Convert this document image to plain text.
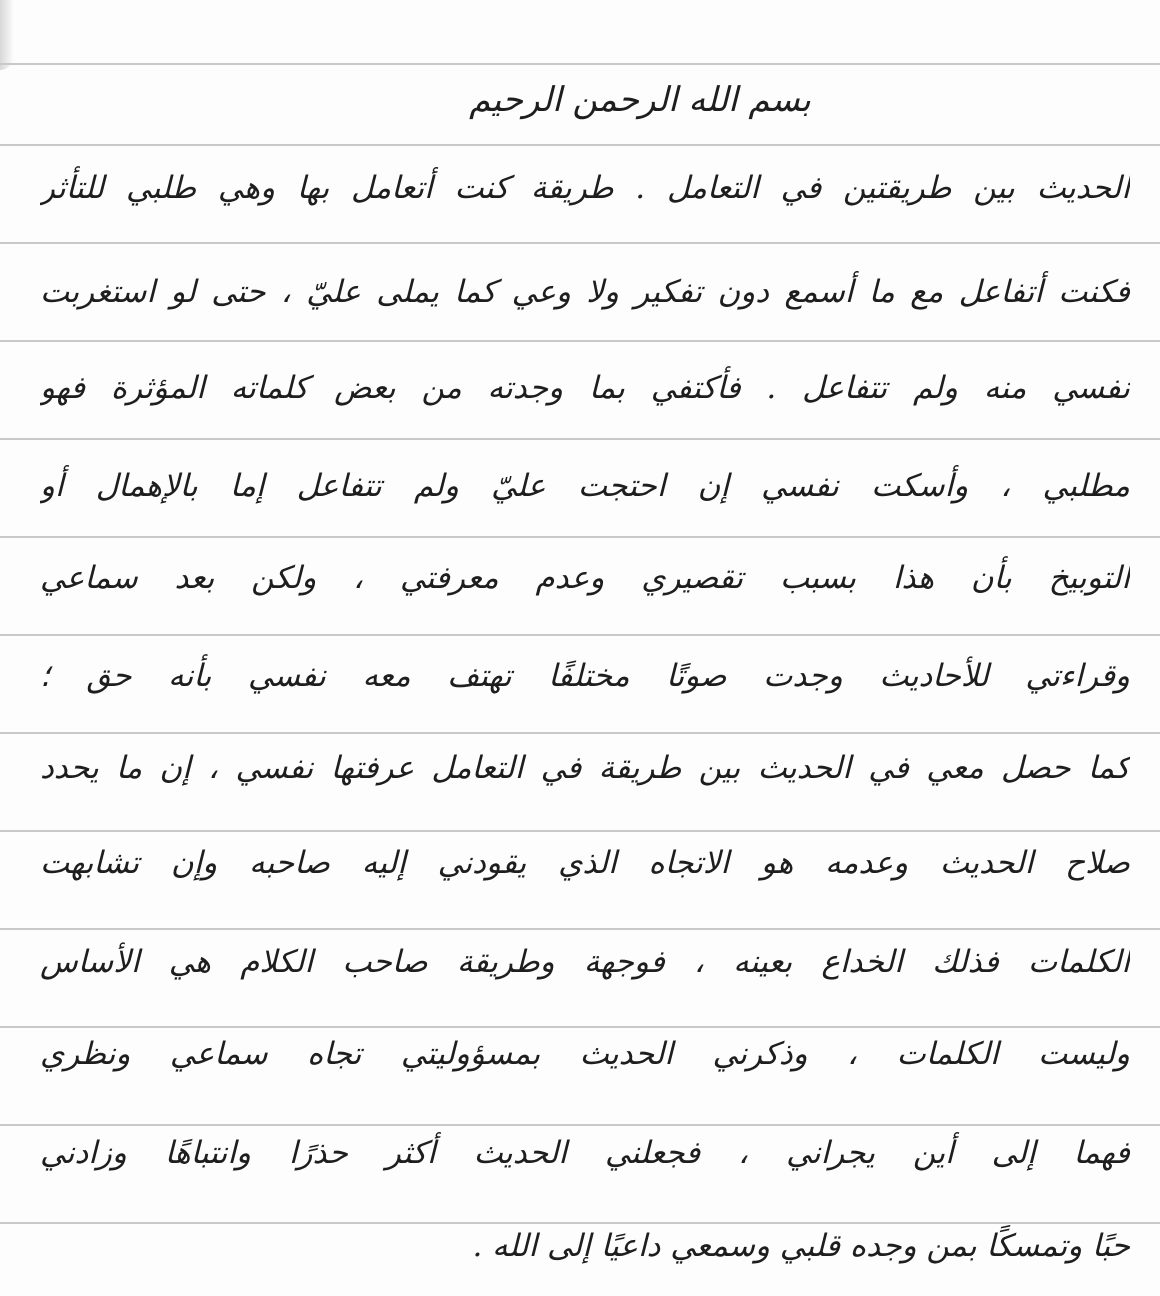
بسم الله الرحمن الرحيم
الحديث بين طريقتين في التعامل . طريقة كنت أتعامل بها وهي طلبي للتأثر
فكنت أتفاعل مع ما أسمع دون تفكير ولا وعي كما يملى عليّ ، حتى لو استغربت
نفسي منه ولم تتفاعل . فأكتفي بما وجدته من بعض كلماته المؤثرة فهو
مطلبي ، وأسكت نفسي إن احتجت عليّ ولم تتفاعل إما بالإهمال أو
التوبيخ بأن هذا بسبب تقصيري وعدم معرفتي ، ولكن بعد سماعي
وقراءتي للأحاديث وجدت صوتًا مختلفًا تهتف معه نفسي بأنه حق ؛
كما حصل معي في الحديث بين طريقة في التعامل عرفتها نفسي ، إن ما يحدد
صلاح الحديث وعدمه هو الاتجاه الذي يقودني إليه صاحبه وإن تشابهت
الكلمات فذلك الخداع بعينه ، فوجهة وطريقة صاحب الكلام هي الأساس
وليست الكلمات ، وذكرني الحديث بمسؤوليتي تجاه سماعي ونظري
فهما إلى أين يجراني ، فجعلني الحديث أكثر حذرًا وانتباهًا وزادني
حبًا وتمسكًا بمن وجده قلبي وسمعي داعيًا إلى الله .
